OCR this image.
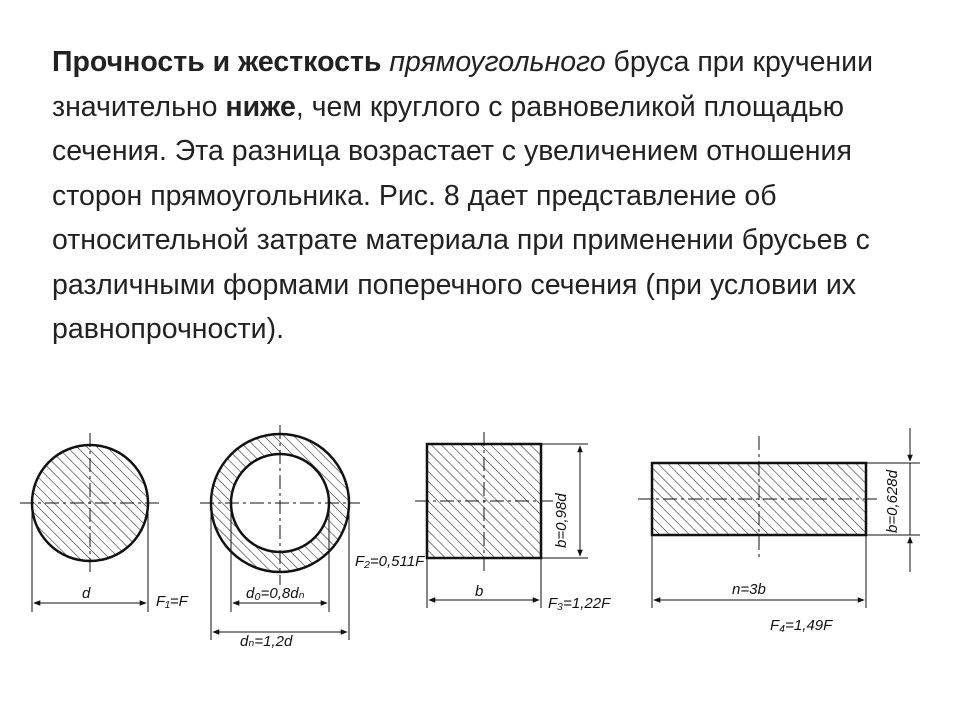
Прочность и жесткость прямоугольного бруса при кручении значительно ниже, чем круглого с равновеликой площадью сечения. Эта разница возрастает с увеличением отношения сторон прямоугольника. Рис. 8 дает представление об относительной затрате материала при применении брусьев с различными формами поперечного сечения (при условии их равнопрочности).

d	F₁=F	d₀=0,8dₙ
dₙ=1,2d
F₂=0,511F
b
b=0,98d
F₃=1,22F
n=3b
b=0,628d
F₄=1,49F
